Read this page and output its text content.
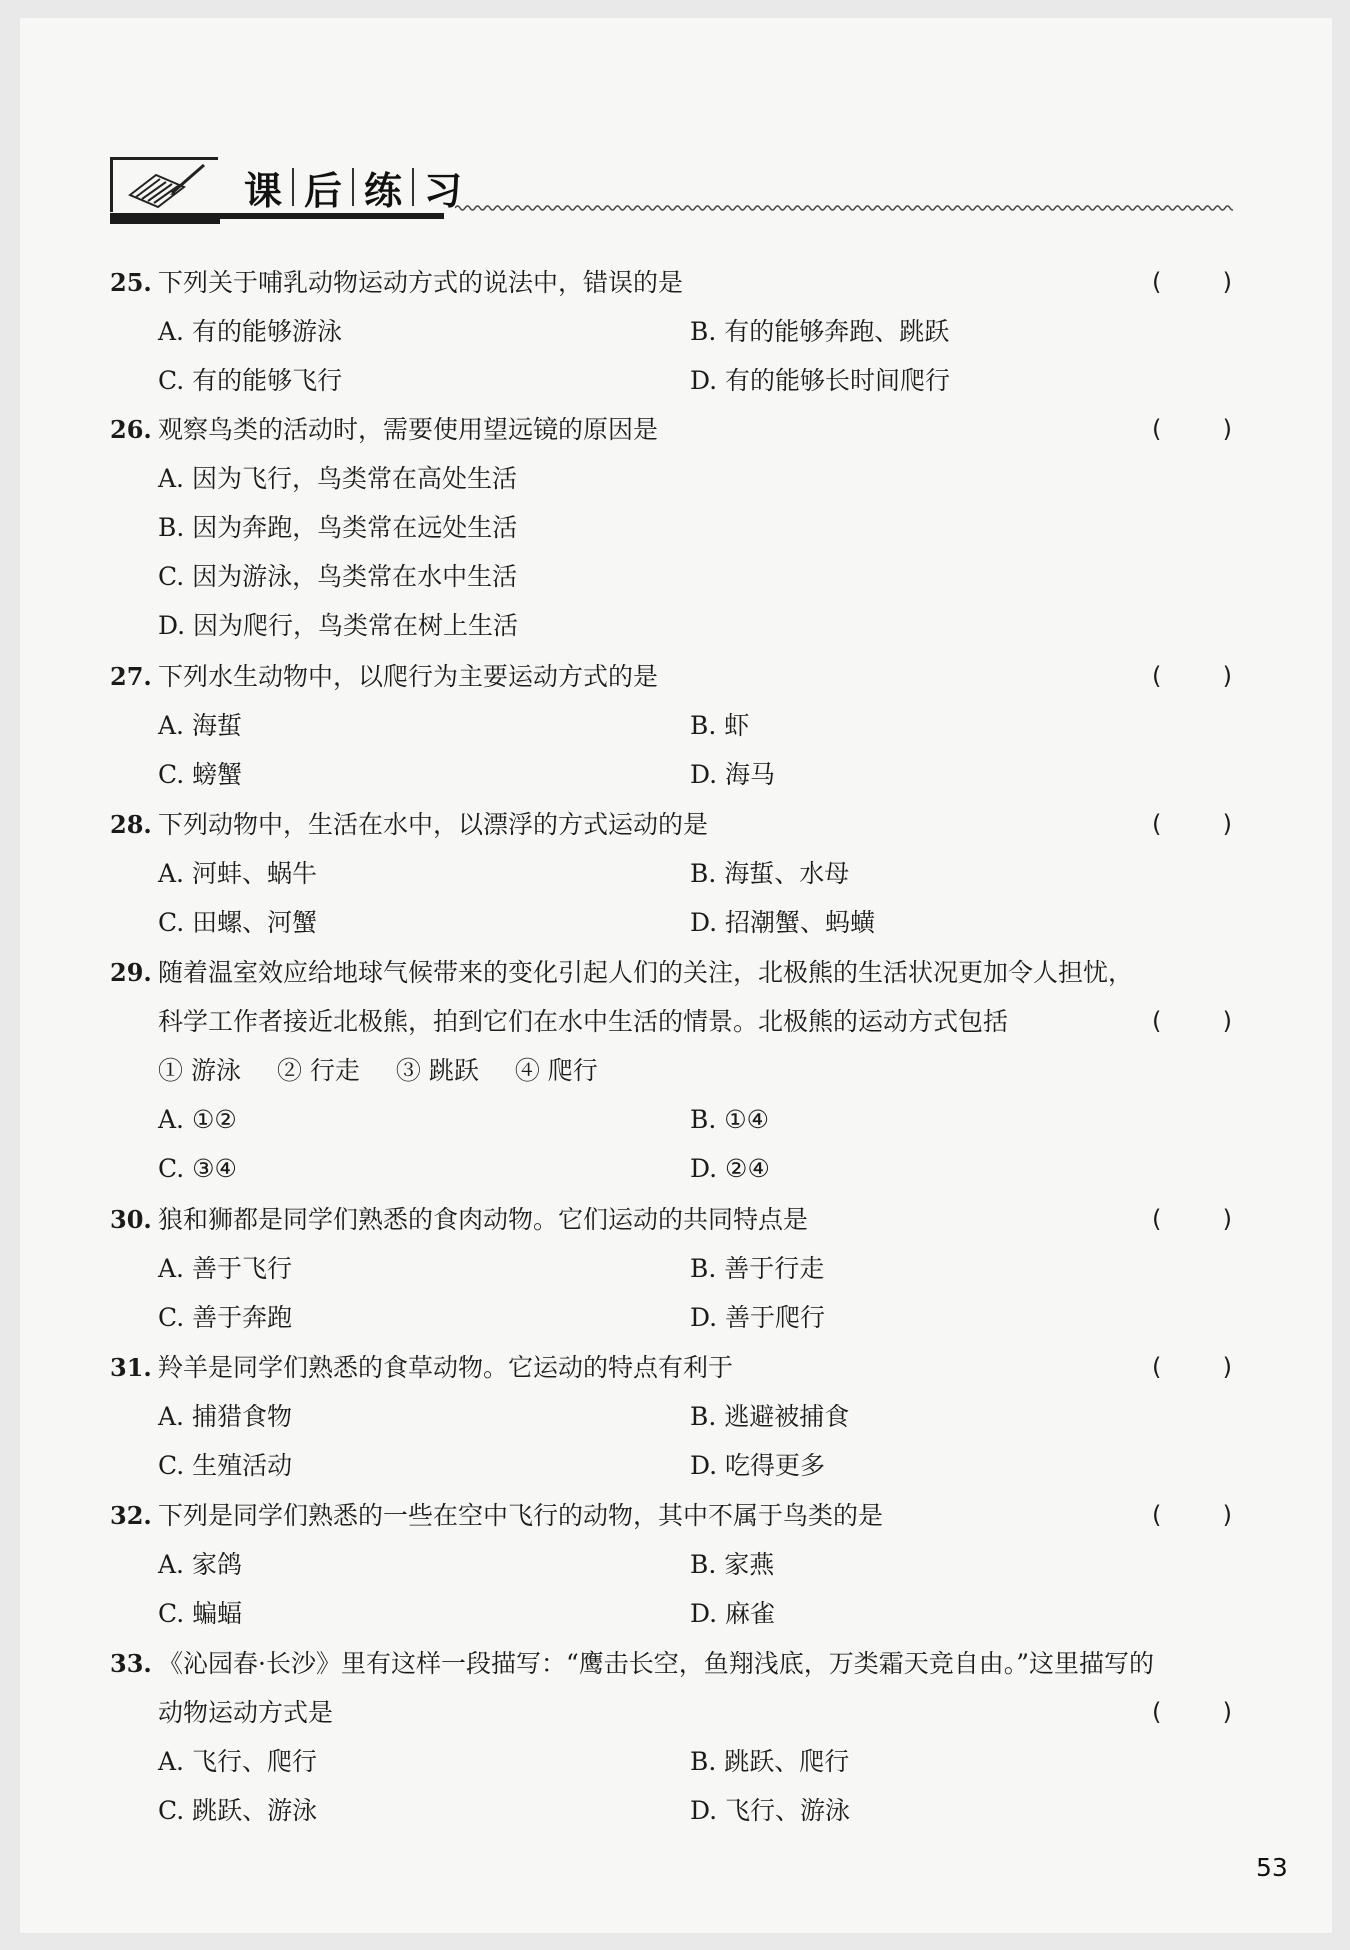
课 后 练 习
25. 下列关于哺乳动物运动方式的说法中，错误的是	(	)
A. 有的能够游泳	B. 有的能够奔跑、跳跃
C. 有的能够飞行	D. 有的能够长时间爬行
26. 观察鸟类的活动时，需要使用望远镜的原因是	(	)
A. 因为飞行，鸟类常在高处生活
B. 因为奔跑，鸟类常在远处生活
C. 因为游泳，鸟类常在水中生活
D. 因为爬行，鸟类常在树上生活
27. 下列水生动物中，以爬行为主要运动方式的是	(	)
A. 海蜇	B. 虾
C. 螃蟹	D. 海马
28. 下列动物中，生活在水中，以漂浮的方式运动的是	(	)
A. 河蚌、蜗牛	B. 海蜇、水母
C. 田螺、河蟹	D. 招潮蟹、蚂蟥
29. 随着温室效应给地球气候带来的变化引起人们的关注，北极熊的生活状况更加令人担忧，
科学工作者接近北极熊，拍到它们在水中生活的情景。北极熊的运动方式包括	(	)
① 游泳 ② 行走 ③ 跳跃 ④ 爬行
A. ①②	B. ①④
C. ③④	D. ②④
30. 狼和狮都是同学们熟悉的食肉动物。它们运动的共同特点是	(	)
A. 善于飞行	B. 善于行走
C. 善于奔跑	D. 善于爬行
31. 羚羊是同学们熟悉的食草动物。它运动的特点有利于	(	)
A. 捕猎食物	B. 逃避被捕食
C. 生殖活动	D. 吃得更多
32. 下列是同学们熟悉的一些在空中飞行的动物，其中不属于鸟类的是	(	)
A. 家鸽	B. 家燕
C. 蝙蝠	D. 麻雀
33. 《沁园春·长沙》里有这样一段描写：“鹰击长空，鱼翔浅底，万类霜天竞自由。”这里描写的
动物运动方式是	(	)
A. 飞行、爬行	B. 跳跃、爬行
C. 跳跃、游泳	D. 飞行、游泳
53
